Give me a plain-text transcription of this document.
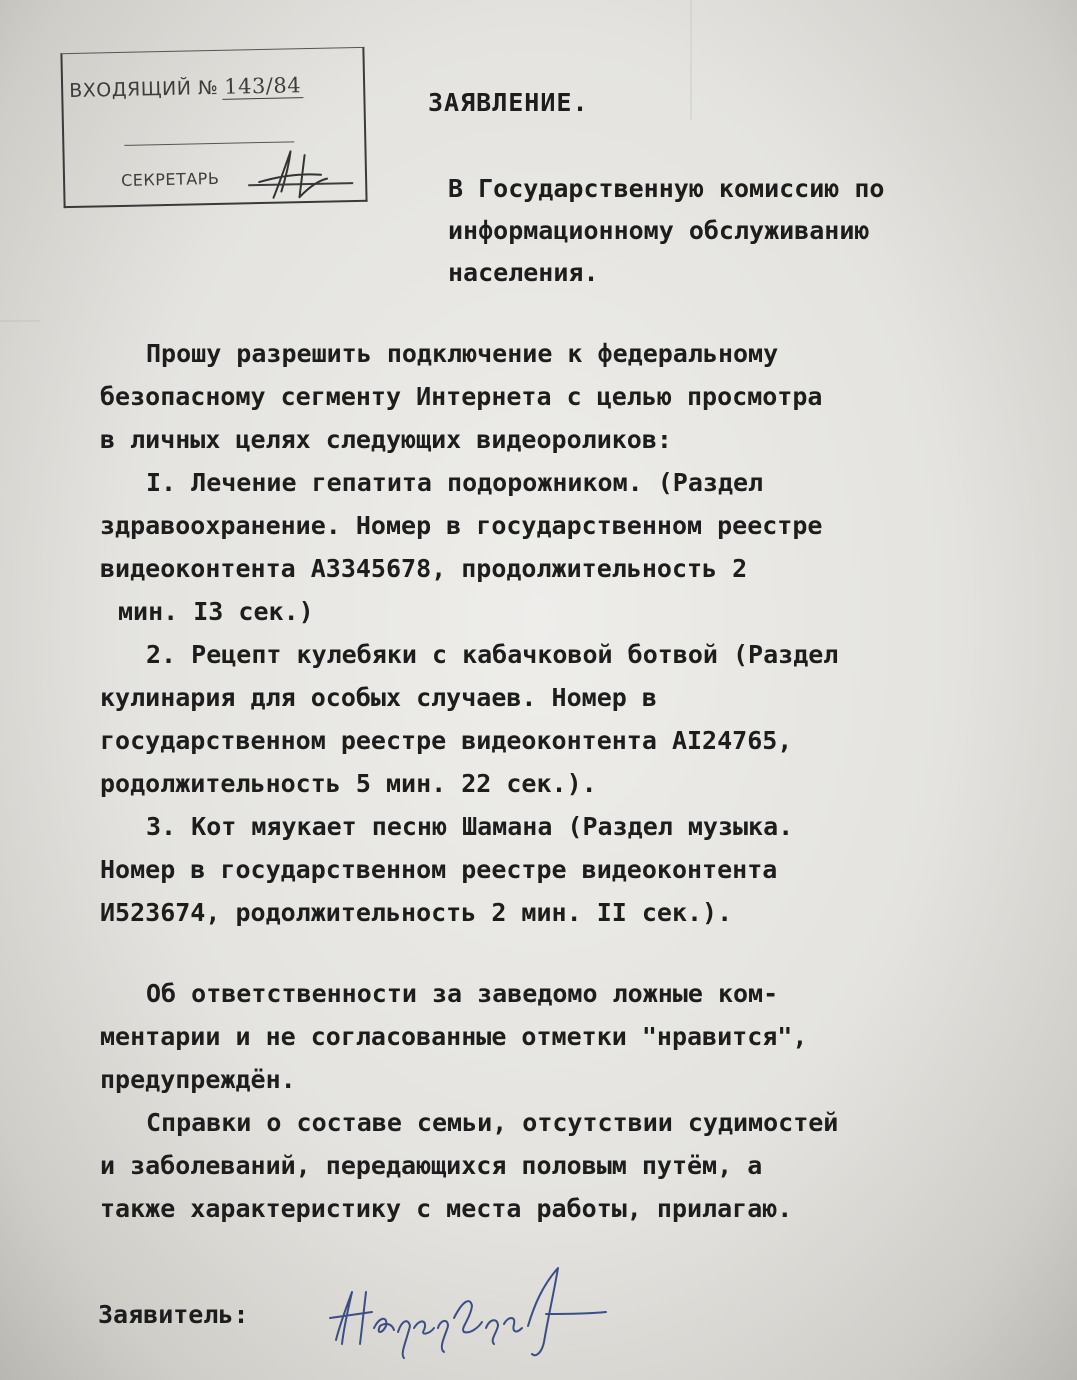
ВХОДЯЩИЙ № 143/84
СЕКРЕТАРЬ
ЗАЯВЛЕНИЕ.
В Государственную комиссию по
информационному обслуживанию
населения.
Прошу разрешить подключение к федеральному
безопасному сегменту Интернета с целью просмотра
в личных целях следующих видеороликов:
I. Лечение гепатита подорожником. (Раздел
здравоохранение. Номер в государственном реестре
видеоконтента А3345678, продолжительность 2
мин. I3 сек.)
2. Рецепт кулебяки с кабачковой ботвой (Раздел
кулинария для особых случаев. Номер в
государственном реестре видеоконтента АI24765,
родолжительность 5 мин. 22 сек.).
3. Кот мяукает песню Шамана (Раздел музыка.
Номер в государственном реестре видеоконтента
И523674, родолжительность 2 мин. II сек.).
Об ответственности за заведомо ложные ком-
ментарии и не согласованные отметки "нравится",
предупреждён.
Справки о составе семьи, отсутствии судимостей
и заболеваний, передающихся половым путём, а
также характеристику с места работы, прилагаю.
Заявитель:
